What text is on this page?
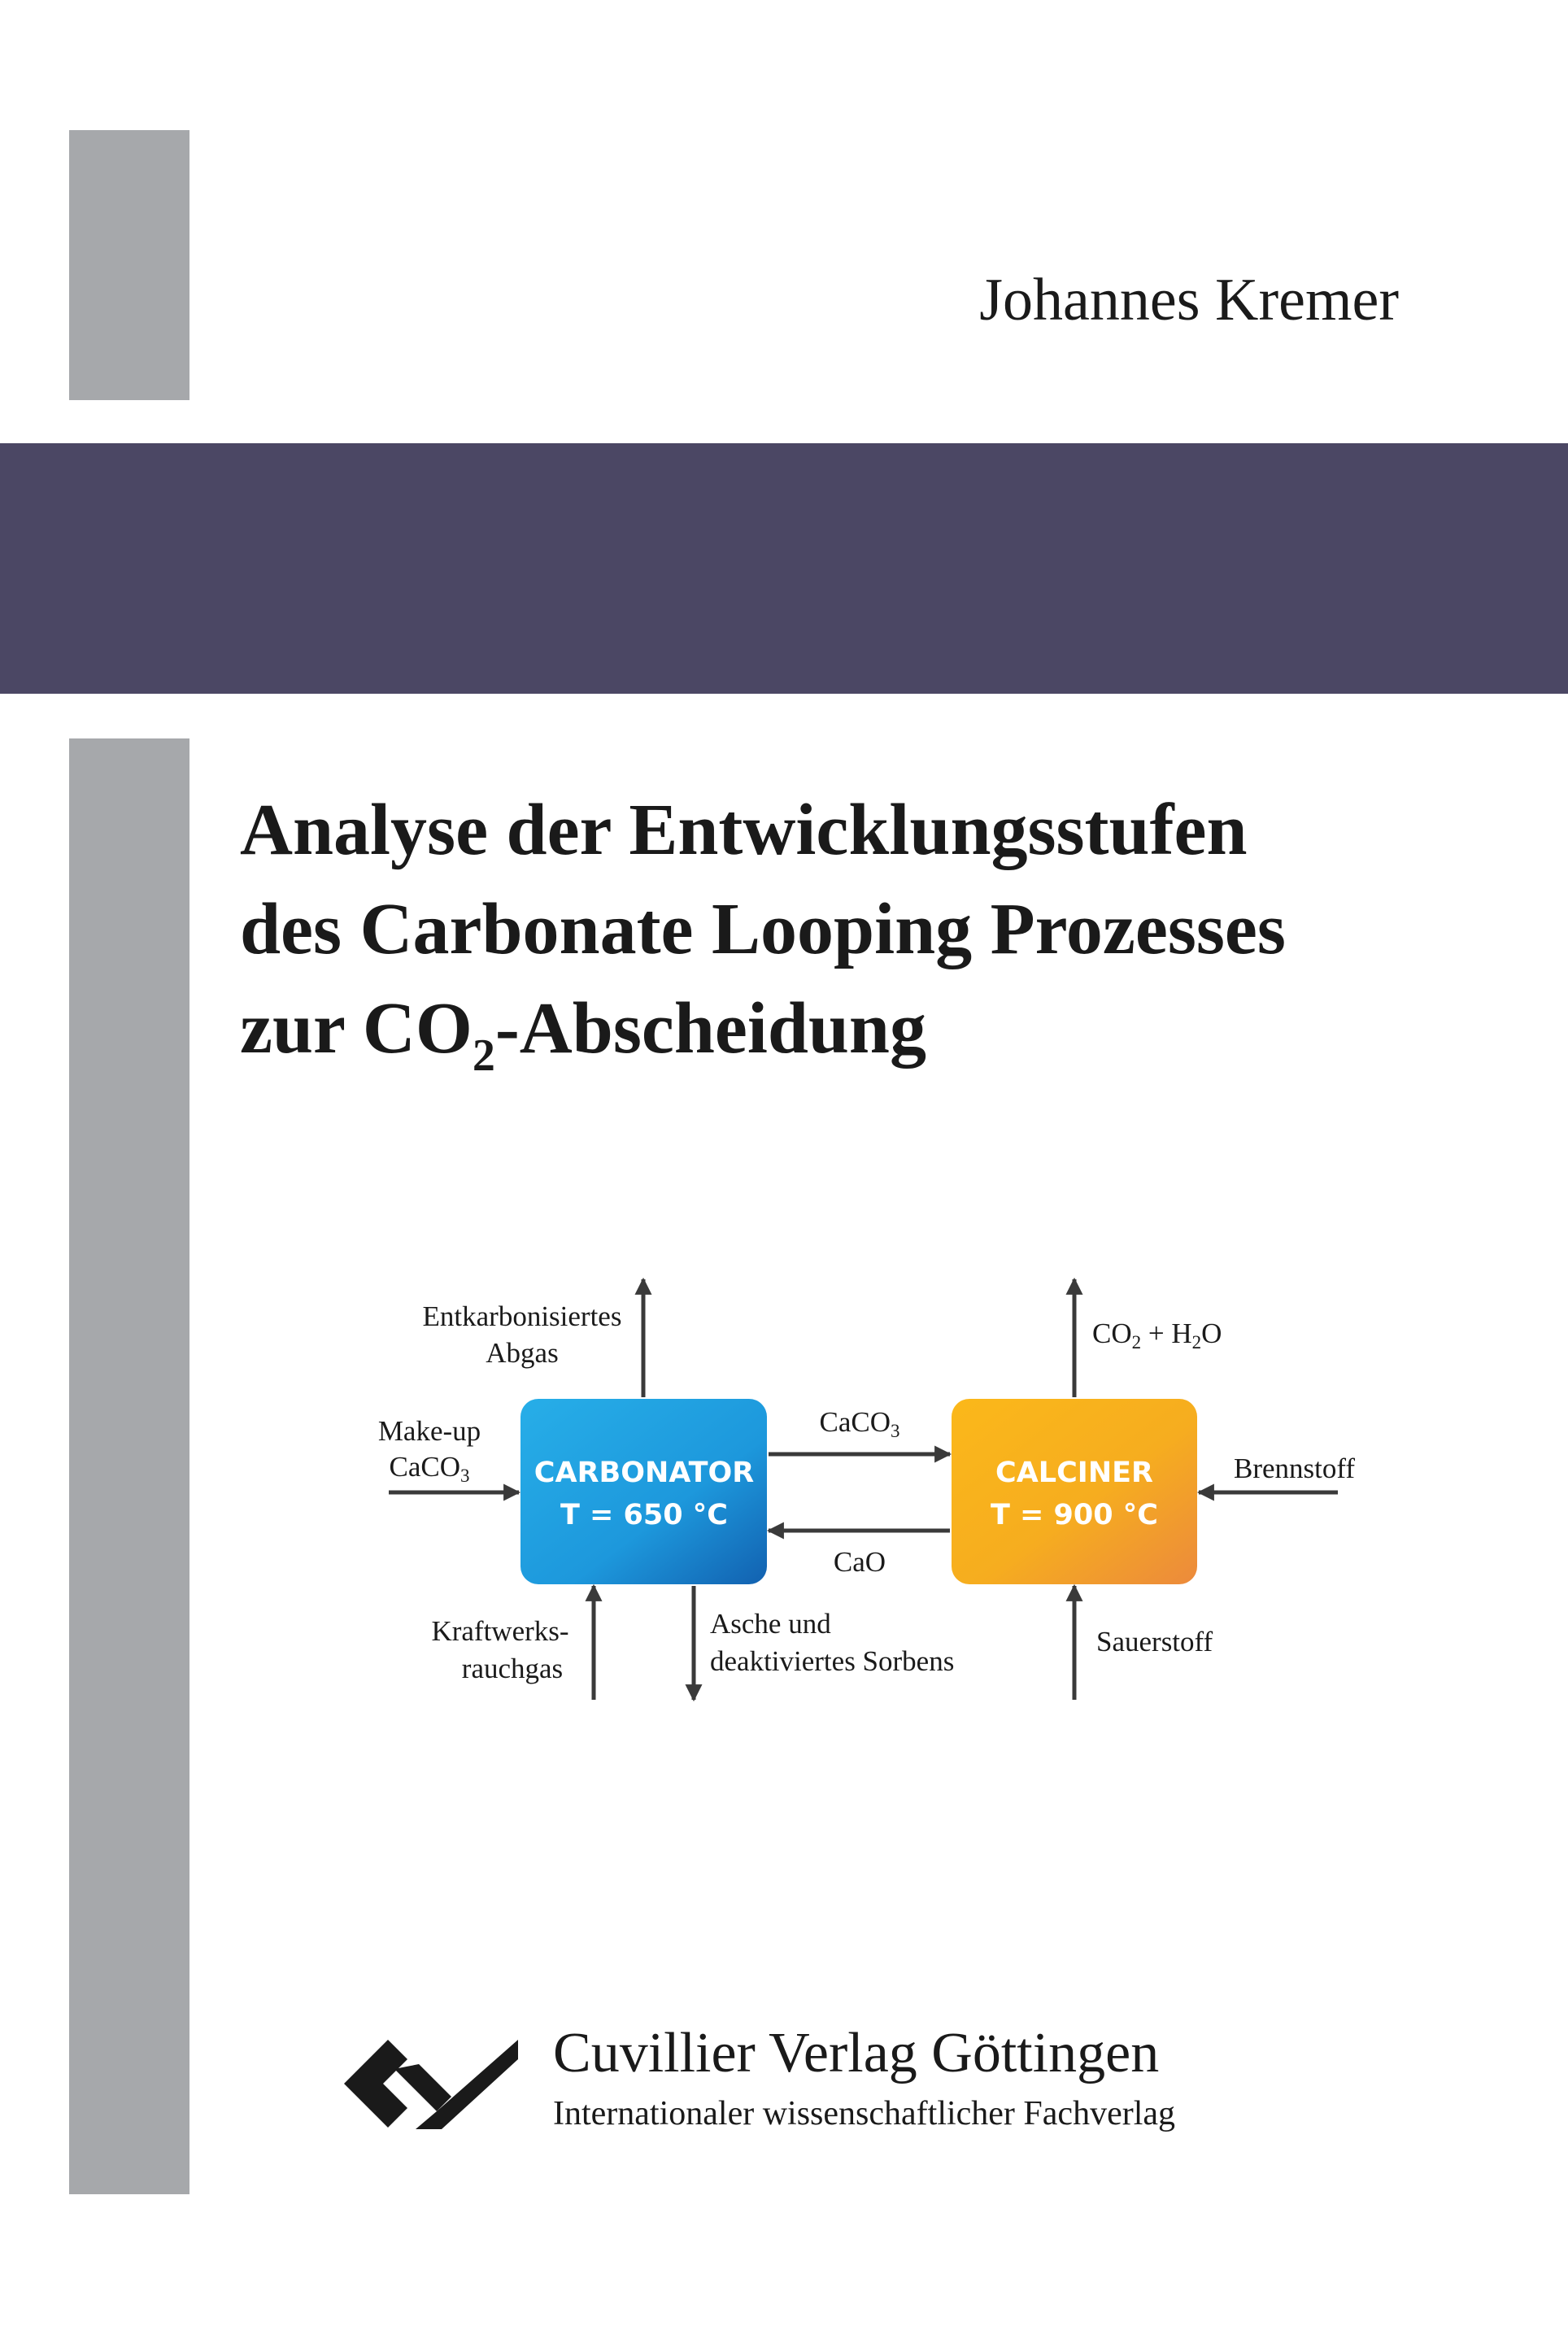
Johannes Kremer
Analyse der Entwicklungsstufen
des Carbonate Looping Prozesses
zur $CO_2$-Abscheidung
CARBONATOR
T = 650 °C
CALCINER
T = 900 °C
Entkarbonisiertes
Abgas
Make-up
CaCO$_3$
Kraftwerks-
rauchgas
Asche und
deaktiviertes Sorbens
CaCO$_3$
CaO
$CO_2 + H_2O$
Brennstoff
Sauerstoff
Cuvillier Verlag Göttingen
Internationaler wissenschaftlicher Fachverlag
